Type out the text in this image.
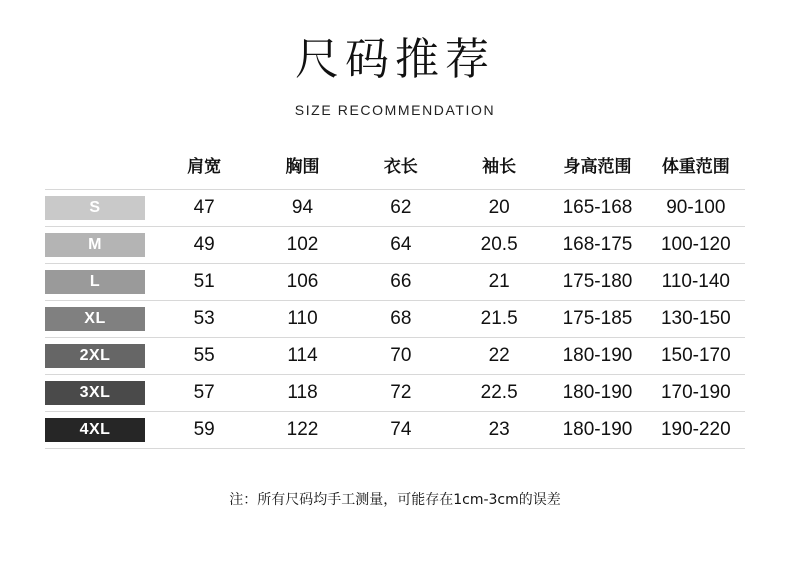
尺码推荐

SIZE RECOMMENDATION

	肩宽	胸围	衣长	袖长	身高范围	体重范围

S	47	94	62	20	165-168	90-100

M	49	102	64	20.5	168-175	100-120

L	51	106	66	21	175-180	110-140

XL	53	110	68	21.5	175-185	130-150

2XL	55	114	70	22	180-190	150-170

3XL	57	118	72	22.5	180-190	170-190

4XL	59	122	74	23	180-190	190-220
注：所有尺码均手工测量，可能存在1cm-3cm的误差
